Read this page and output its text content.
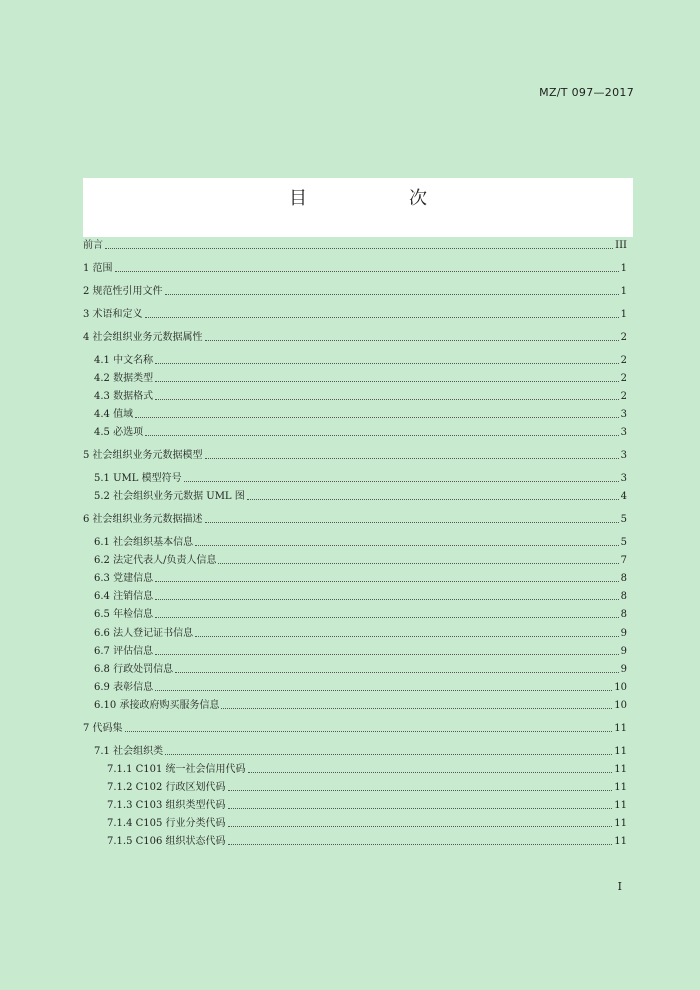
MZ/T 097—2017
目　　次
前言	III
1 范围	1
2 规范性引用文件	1
3 术语和定义	1
4 社会组织业务元数据属性	2
4.1 中文名称	2
4.2 数据类型	2
4.3 数据格式	2
4.4 值域	3
4.5 必选项	3
5 社会组织业务元数据模型	3
5.1 UML 模型符号	3
5.2 社会组织业务元数据 UML 图	4
6 社会组织业务元数据描述	5
6.1 社会组织基本信息	5
6.2 法定代表人/负责人信息	7
6.3 党建信息	8
6.4 注销信息	8
6.5 年检信息	8
6.6 法人登记证书信息	9
6.7 评估信息	9
6.8 行政处罚信息	9
6.9 表彰信息	10
6.10 承接政府购买服务信息	10
7 代码集	11
7.1 社会组织类	11
7.1.1 C101 统一社会信用代码	11
7.1.2 C102 行政区划代码	11
7.1.3 C103 组织类型代码	11
7.1.4 C105 行业分类代码	11
7.1.5 C106 组织状态代码	11
I
